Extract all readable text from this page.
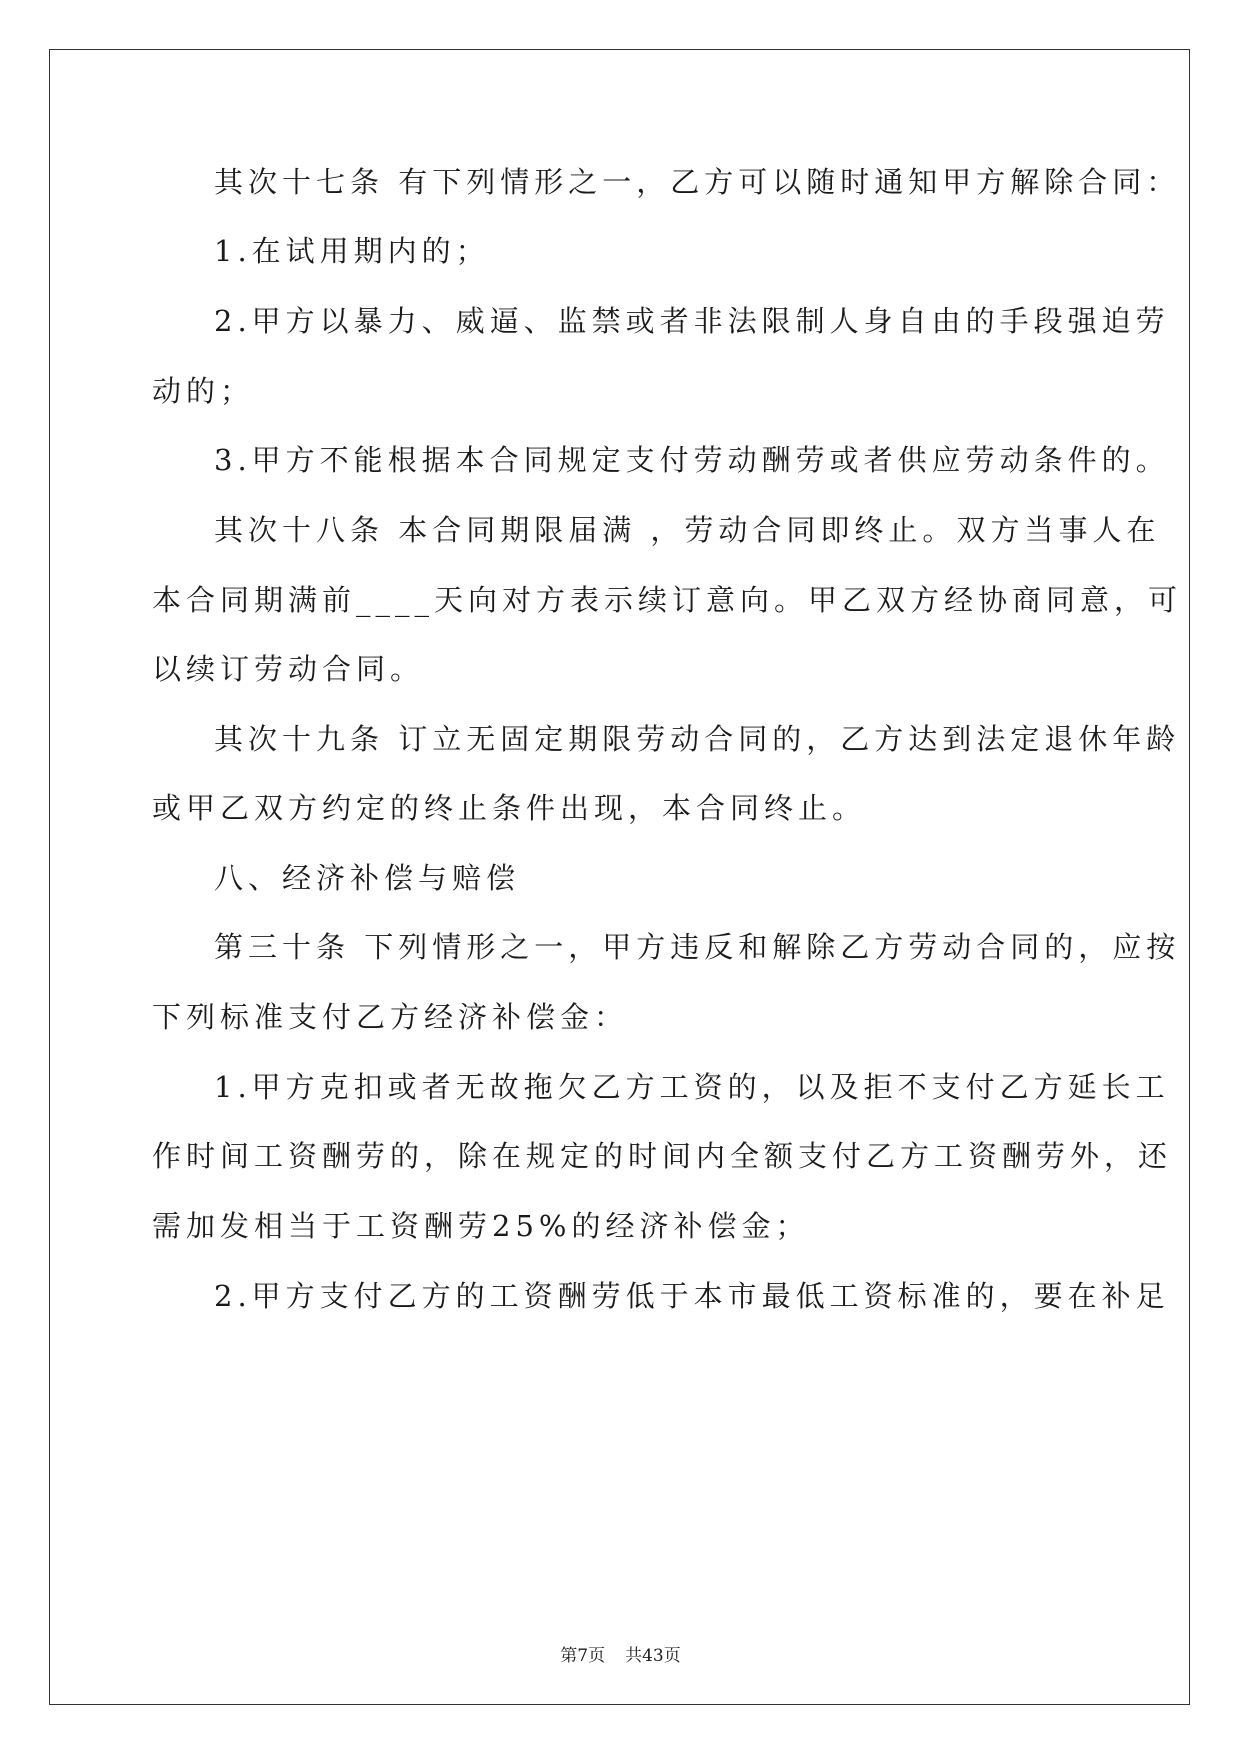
其次十七条 有下列情形之一，乙方可以随时通知甲方解除合同：
1.在试用期内的；
2.甲方以暴力、威逼、监禁或者非法限制人身自由的手段强迫劳
动的；
3.甲方不能根据本合同规定支付劳动酬劳或者供应劳动条件的。
其次十八条 本合同期限届满 ，劳动合同即终止。双方当事人在
本合同期满前____天向对方表示续订意向。甲乙双方经协商同意，可
以续订劳动合同。
其次十九条 订立无固定期限劳动合同的，乙方达到法定退休年龄
或甲乙双方约定的终止条件出现，本合同终止。
八、经济补偿与赔偿
第三十条 下列情形之一，甲方违反和解除乙方劳动合同的，应按
下列标准支付乙方经济补偿金：
1.甲方克扣或者无故拖欠乙方工资的，以及拒不支付乙方延长工
作时间工资酬劳的，除在规定的时间内全额支付乙方工资酬劳外，还
需加发相当于工资酬劳25%的经济补偿金；
2.甲方支付乙方的工资酬劳低于本市最低工资标准的，要在补足
第7页 共43页
